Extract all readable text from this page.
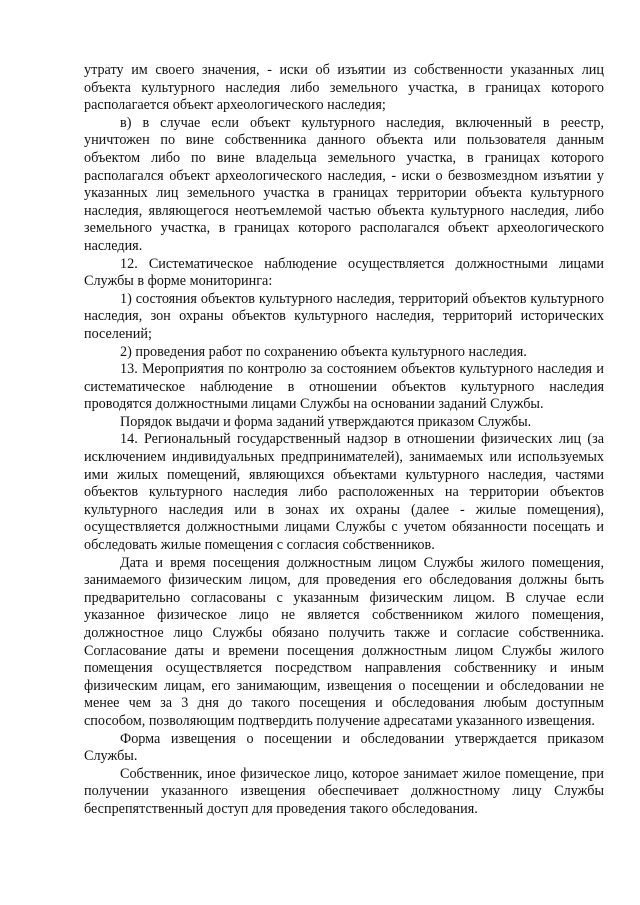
утрату им своего значения, - иски об изъятии из собственности указанных лиц объекта культурного наследия либо земельного участка, в границах которого располагается объект археологического наследия;

в) в случае если объект культурного наследия, включенный в реестр, уничтожен по вине собственника данного объекта или пользователя данным объектом либо по вине владельца земельного участка, в границах которого располагался объект археологического наследия, - иски о безвозмездном изъятии у указанных лиц земельного участка в границах территории объекта культурного наследия, являющегося неотъемлемой частью объекта культурного наследия, либо земельного участка, в границах которого располагался объект археологического наследия.

12. Систематическое наблюдение осуществляется должностными лицами Службы в форме мониторинга:

1) состояния объектов культурного наследия, территорий объектов культурного наследия, зон охраны объектов культурного наследия, территорий исторических поселений;

2) проведения работ по сохранению объекта культурного наследия.

13. Мероприятия по контролю за состоянием объектов культурного наследия и систематическое наблюдение в отношении объектов культурного наследия проводятся должностными лицами Службы на основании заданий Службы.

Порядок выдачи и форма заданий утверждаются приказом Службы.

14. Региональный государственный надзор в отношении физических лиц (за исключением индивидуальных предпринимателей), занимаемых или используемых ими жилых помещений, являющихся объектами культурного наследия, частями объектов культурного наследия либо расположенных на территории объектов культурного наследия или в зонах их охраны (далее - жилые помещения), осуществляется должностными лицами Службы с учетом обязанности посещать и обследовать жилые помещения с согласия собственников.

Дата и время посещения должностным лицом Службы жилого помещения, занимаемого физическим лицом, для проведения его обследования должны быть предварительно согласованы с указанным физическим лицом. В случае если указанное физическое лицо не является собственником жилого помещения, должностное лицо Службы обязано получить также и согласие собственника. Согласование даты и времени посещения должностным лицом Службы жилого помещения осуществляется посредством направления собственнику и иным физическим лицам, его занимающим, извещения о посещении и обследовании не менее чем за 3 дня до такого посещения и обследования любым доступным способом, позволяющим подтвердить получение адресатами указанного извещения.

Форма извещения о посещении и обследовании утверждается приказом Службы.

Собственник, иное физическое лицо, которое занимает жилое помещение, при получении указанного извещения обеспечивает должностному лицу Службы беспрепятственный доступ для проведения такого обследования.
